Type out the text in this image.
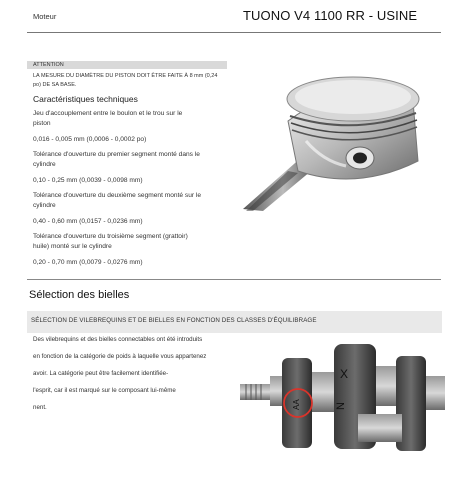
Moteur	TUONO V4 1100 RR - USINE
ATTENTION
LA MESURE DU DIAMÈTRE DU PISTON DOIT ÊTRE FAITE À 8 mm (0,24 po) DE SA BASE.
Caractéristiques techniques
Jeu d'accouplement entre le boulon et le trou sur le piston
0,016 - 0,005 mm (0,0006 - 0,0002 po)
Tolérance d'ouverture du premier segment monté dans le cylindre
0,10 - 0,25 mm (0,0039 - 0,0098 mm)
Tolérance d'ouverture du deuxième segment monté sur le cylindre
0,40 - 0,60 mm (0,0157 - 0,0236 mm)
Tolérance d'ouverture du troisième segment (grattoir) huile) monté sur le cylindre
0,20 - 0,70 mm (0,0079 - 0,0276 mm)
Sélection des bielles
SÉLECTION DE VILEBREQUINS ET DE BIELLES EN FONCTION DES CLASSES D'ÉQUILIBRAGE
Des vilebrequins et des bielles connectables ont été introduits
en fonction de la catégorie de poids à laquelle vous appartenez
avoir. La catégorie peut être facilement identifiée-
l'esprit, car il est marqué sur le composant lui-même
nent.	AA	N
X
